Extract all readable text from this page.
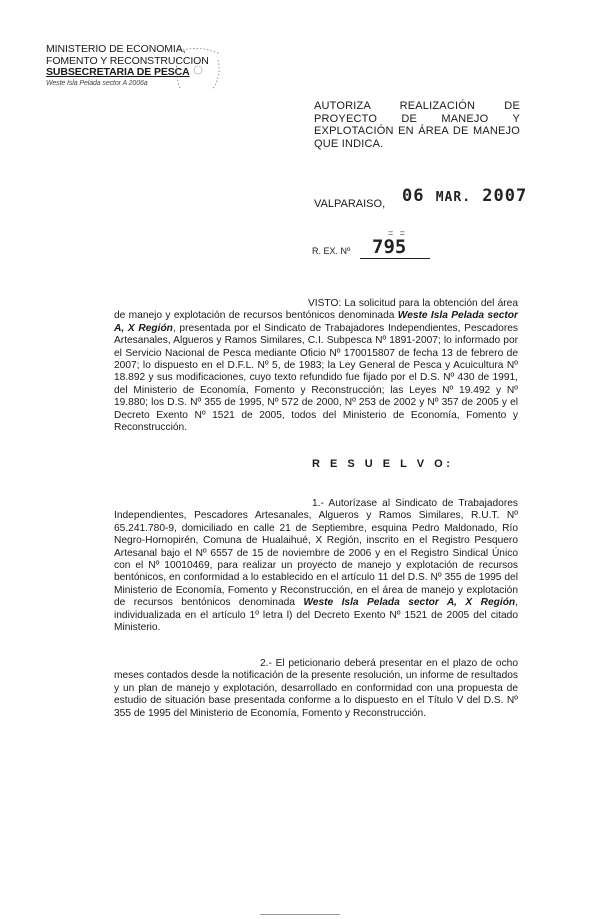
MINISTERIO DE ECONOMIA,
FOMENTO Y RECONSTRUCCION
SUBSECRETARIA DE PESCA
Weste Isla Pelada sector A 2006a
AUTORIZA REALIZACIÓN DE
PROYECTO DE MANEJO Y
EXPLOTACIÓN EN ÁREA DE MANEJO
QUE INDICA.
VALPARAISO, 06 MAR. 2007
= =
R. EX. Nº 795
VISTO: La solicitud para la obtención del área de manejo y explotación de recursos bentónicos denominada Weste Isla Pelada sector A, X Región, presentada por el Sindicato de Trabajadores Independientes, Pescadores Artesanales, Algueros y Ramos Similares, C.I. Subpesca Nº 1891-2007; lo informado por el Servicio Nacional de Pesca mediante Oficio Nº 170015807 de fecha 13 de febrero de 2007; lo dispuesto en el D.F.L. Nº 5, de 1983; la Ley General de Pesca y Acuicultura Nº 18.892 y sus modificaciones, cuyo texto refundido fue fijado por el D.S. Nº 430 de 1991, del Ministerio de Economía, Fomento y Reconstrucción; las Leyes Nº 19.492 y Nº 19.880; los D.S. Nº 355 de 1995, Nº 572 de 2000, Nº 253 de 2002 y Nº 357 de 2005 y el Decreto Exento Nº 1521 de 2005, todos del Ministerio de Economía, Fomento y Reconstrucción.
R E S U E L V O:
1.- Autorízase al Sindicato de Trabajadores Independientes, Pescadores Artesanales, Algueros y Ramos Similares, R.U.T. Nº 65.241.780-9, domiciliado en calle 21 de Septiembre, esquina Pedro Maldonado, Río Negro-Hornopirén, Comuna de Hualaihué, X Región, inscrito en el Registro Pesquero Artesanal bajo el Nº 6557 de 15 de noviembre de 2006 y en el Registro Sindical Único con el Nº 10010469, para realizar un proyecto de manejo y explotación de recursos bentónicos, en conformidad a lo establecido en el artículo 11 del D.S. Nº 355 de 1995 del Ministerio de Economía, Fomento y Reconstrucción, en el área de manejo y explotación de recursos bentónicos denominada Weste Isla Pelada sector A, X Región, individualizada en el artículo 1º letra l) del Decreto Exento Nº 1521 de 2005 del citado Ministerio.
2.- El peticionario deberá presentar en el plazo de ocho meses contados desde la notificación de la presente resolución, un informe de resultados y un plan de manejo y explotación, desarrollado en conformidad con una propuesta de estudio de situación base presentada conforme a lo dispuesto en el Título V del D.S. Nº 355 de 1995 del Ministerio de Economía, Fomento y Reconstrucción.
